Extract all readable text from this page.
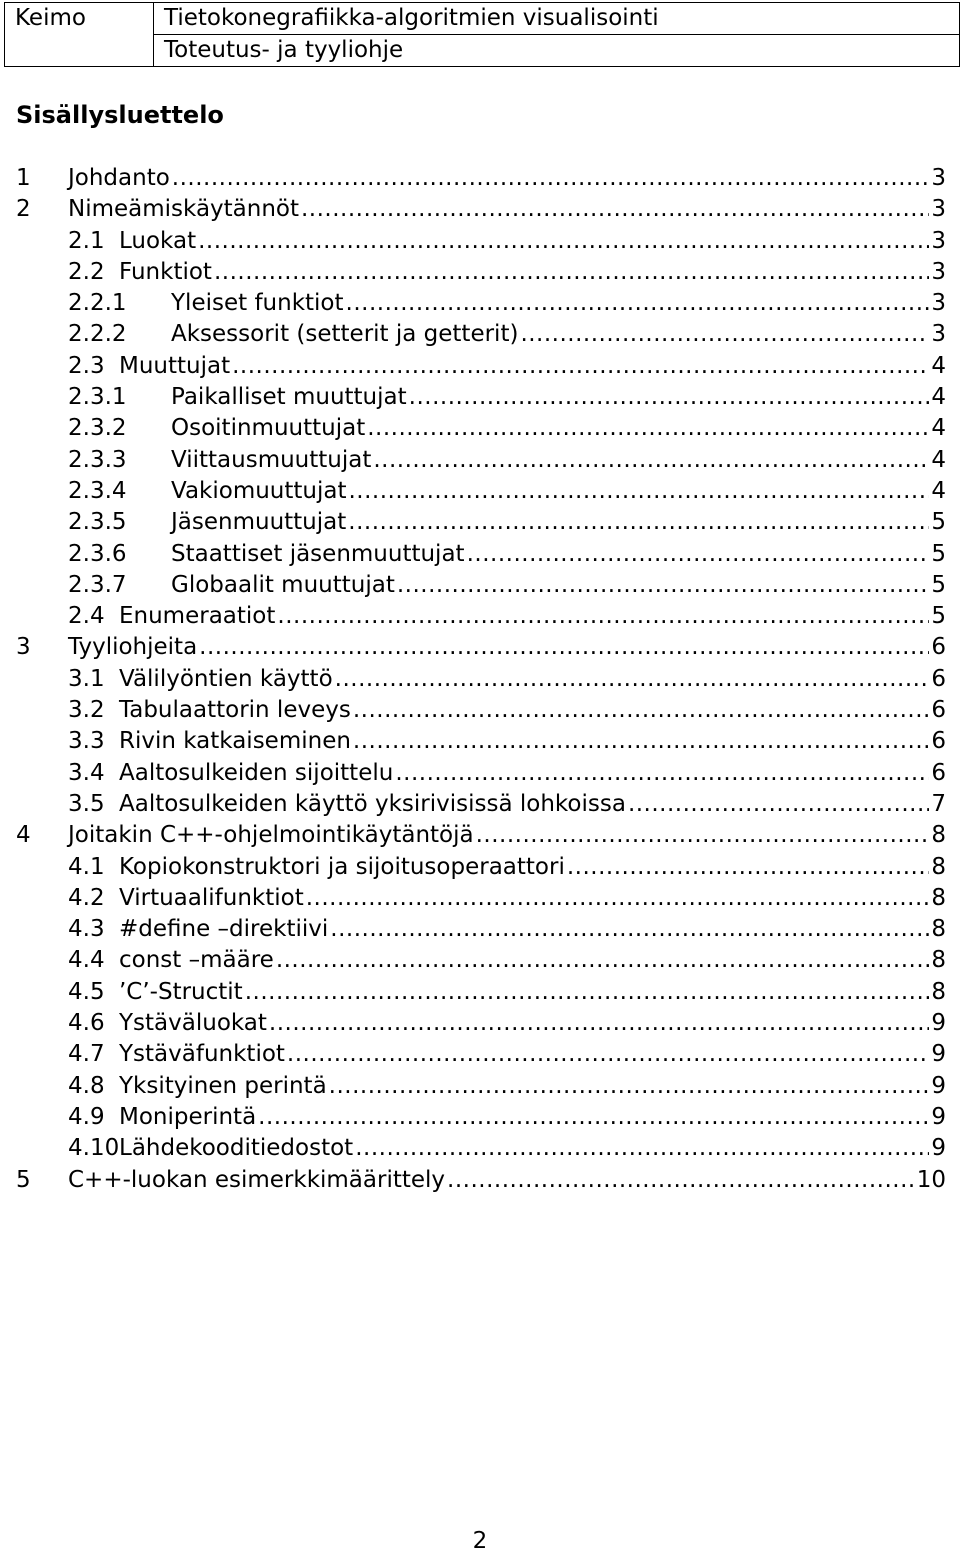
Keimo	Tietokonegrafiikka-algoritmien visualisointi
Toteutus- ja tyyliohje
Sisällysluettelo
1	Johdanto .....	3
2	Nimeämiskäytännöt .....	3
2.1 Luokat .....	3
2.2 Funktiot .....	3
2.2.1	Yleiset funktiot .....	3
2.2.2	Aksessorit (setterit ja getterit) .....	3
2.3 Muuttujat .....	4
2.3.1	Paikalliset muuttujat .....	4
2.3.2	Osoitinmuuttujat .....	4
2.3.3	Viittausmuuttujat .....	4
2.3.4	Vakiomuuttujat .....	4
2.3.5	Jäsenmuuttujat .....	5
2.3.6	Staattiset jäsenmuuttujat .....	5
2.3.7	Globaalit muuttujat .....	5
2.4 Enumeraatiot .....	5
3	Tyyliohjeita .....	6
3.1 Välilyöntien käyttö .....	6
3.2 Tabulaattorin leveys .....	6
3.3 Rivin katkaiseminen .....	6
3.4 Aaltosulkeiden sijoittelu .....	6
3.5 Aaltosulkeiden käyttö yksirivisissä lohkoissa .....	7
4	Joitakin C++-ohjelmointikäytäntöjä .....	8
4.1 Kopiokonstruktori ja sijoitusoperaattori .....	8
4.2 Virtuaalifunktiot .....	8
4.3 #define –direktiivi .....	8
4.4 const –määre .....	8
4.5 ’C’-Structit .....	8
4.6 Ystäväluokat .....	9
4.7 Ystäväfunktiot .....	9
4.8 Yksityinen perintä .....	9
4.9 Moniperintä .....	9
4.10 Lähdekooditiedostot .....	9
5	C++-luokan esimerkkimäärittely .....	10
2
